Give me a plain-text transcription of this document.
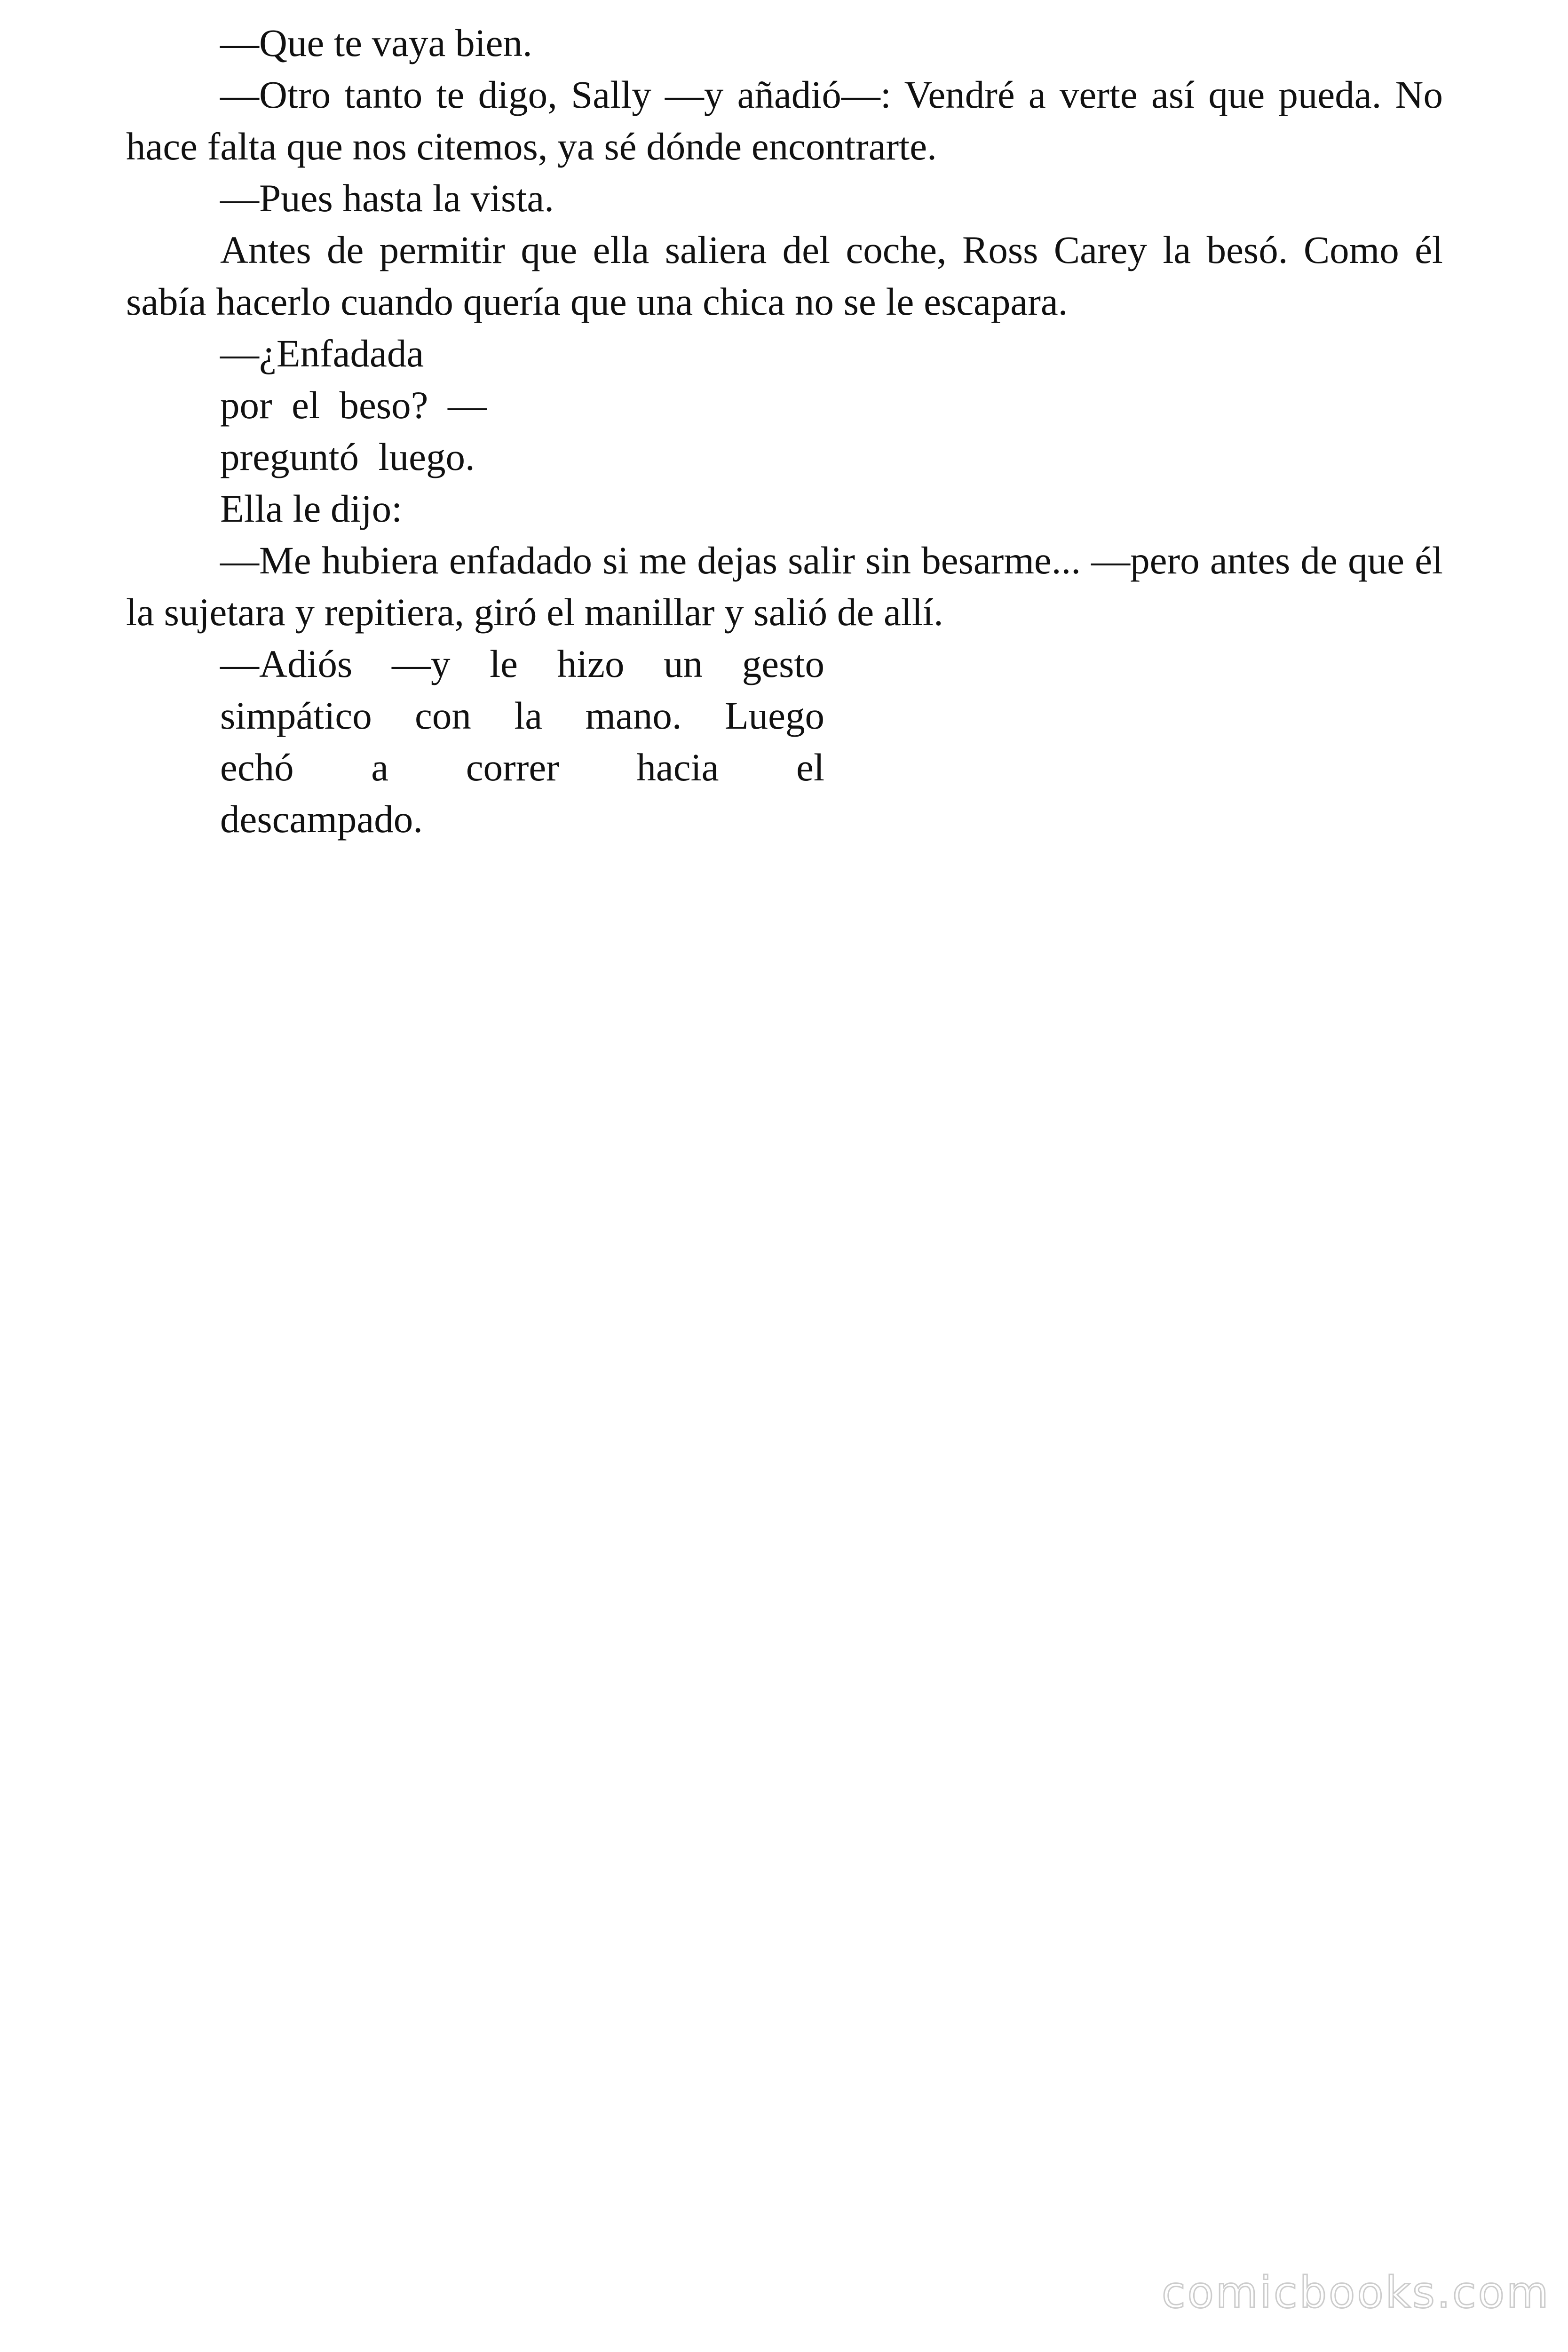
—Que te vaya bien.

—Otro tanto te digo, Sally —y añadió—: Vendré a verte así que pueda. No hace falta que nos citemos, ya sé dónde encontrarte.

—Pues hasta la vista.

Antes de permitir que ella saliera del coche, Ross Carey la besó. Como él sabía hacerlo cuando quería que una chica no se le escapara.

—¿Enfadada

por  el  beso?  —

preguntó  luego.

Ella le dijo:

—Me hubiera enfadado si me dejas salir sin besarme... —pero antes de que él la sujetara y repitiera, giró el manillar y salió de allí.

—Adiós —y le hizo un gesto

simpático con la mano. Luego

echó a correr hacia el

descampado.

comicbooks.com
